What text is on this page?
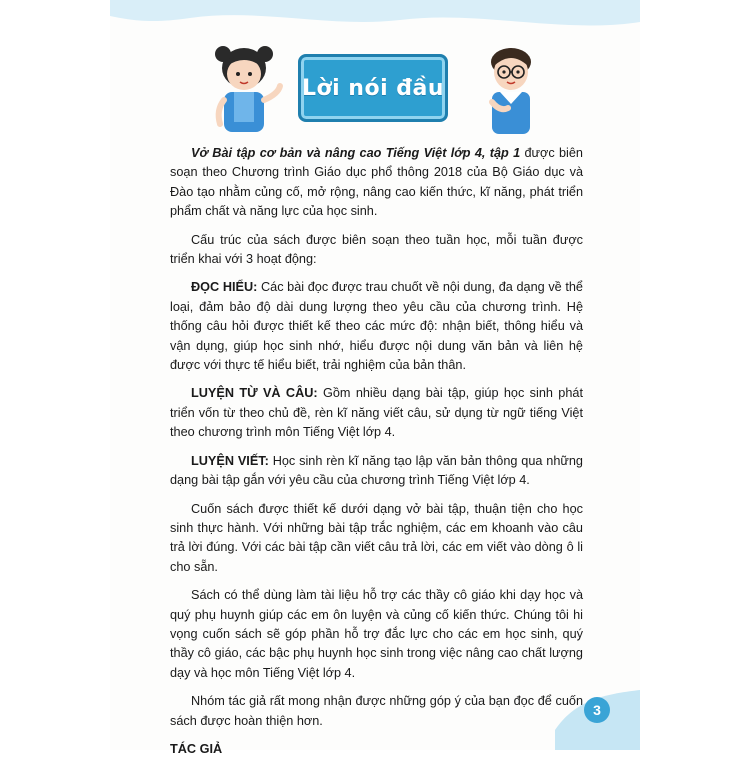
Lời nói đầu

Vở Bài tập cơ bản và nâng cao Tiếng Việt lớp 4, tập 1 được biên soạn theo Chương trình Giáo dục phổ thông 2018 của Bộ Giáo dục và Đào tạo nhằm củng cố, mở rộng, nâng cao kiến thức, kĩ năng, phát triển phẩm chất và năng lực của học sinh.

Cấu trúc của sách được biên soạn theo tuần học, mỗi tuần được triển khai với 3 hoạt động:

ĐỌC HIỂU: Các bài đọc được trau chuốt về nội dung, đa dạng về thể loại, đảm bảo độ dài dung lượng theo yêu cầu của chương trình. Hệ thống câu hỏi được thiết kế theo các mức độ: nhận biết, thông hiểu và vận dụng, giúp học sinh nhớ, hiểu được nội dung văn bản và liên hệ được với thực tế hiểu biết, trải nghiệm của bản thân.

LUYỆN TỪ VÀ CÂU: Gồm nhiều dạng bài tập, giúp học sinh phát triển vốn từ theo chủ đề, rèn kĩ năng viết câu, sử dụng từ ngữ tiếng Việt theo chương trình môn Tiếng Việt lớp 4.

LUYỆN VIẾT: Học sinh rèn kĩ năng tạo lập văn bản thông qua những dạng bài tập gắn với yêu cầu của chương trình Tiếng Việt lớp 4.

Cuốn sách được thiết kế dưới dạng vở bài tập, thuận tiện cho học sinh thực hành. Với những bài tập trắc nghiệm, các em khoanh vào câu trả lời đúng. Với các bài tập cần viết câu trả lời, các em viết vào dòng ô li cho sẵn.

Sách có thể dùng làm tài liệu hỗ trợ các thầy cô giáo khi dạy học và quý phụ huynh giúp các em ôn luyện và củng cố kiến thức. Chúng tôi hi vọng cuốn sách sẽ góp phần hỗ trợ đắc lực cho các em học sinh, quý thầy cô giáo, các bậc phụ huynh học sinh trong việc nâng cao chất lượng dạy và học môn Tiếng Việt lớp 4.

Nhóm tác giả rất mong nhận được những góp ý của bạn đọc để cuốn sách được hoàn thiện hơn.

TÁC GIẢ

3
